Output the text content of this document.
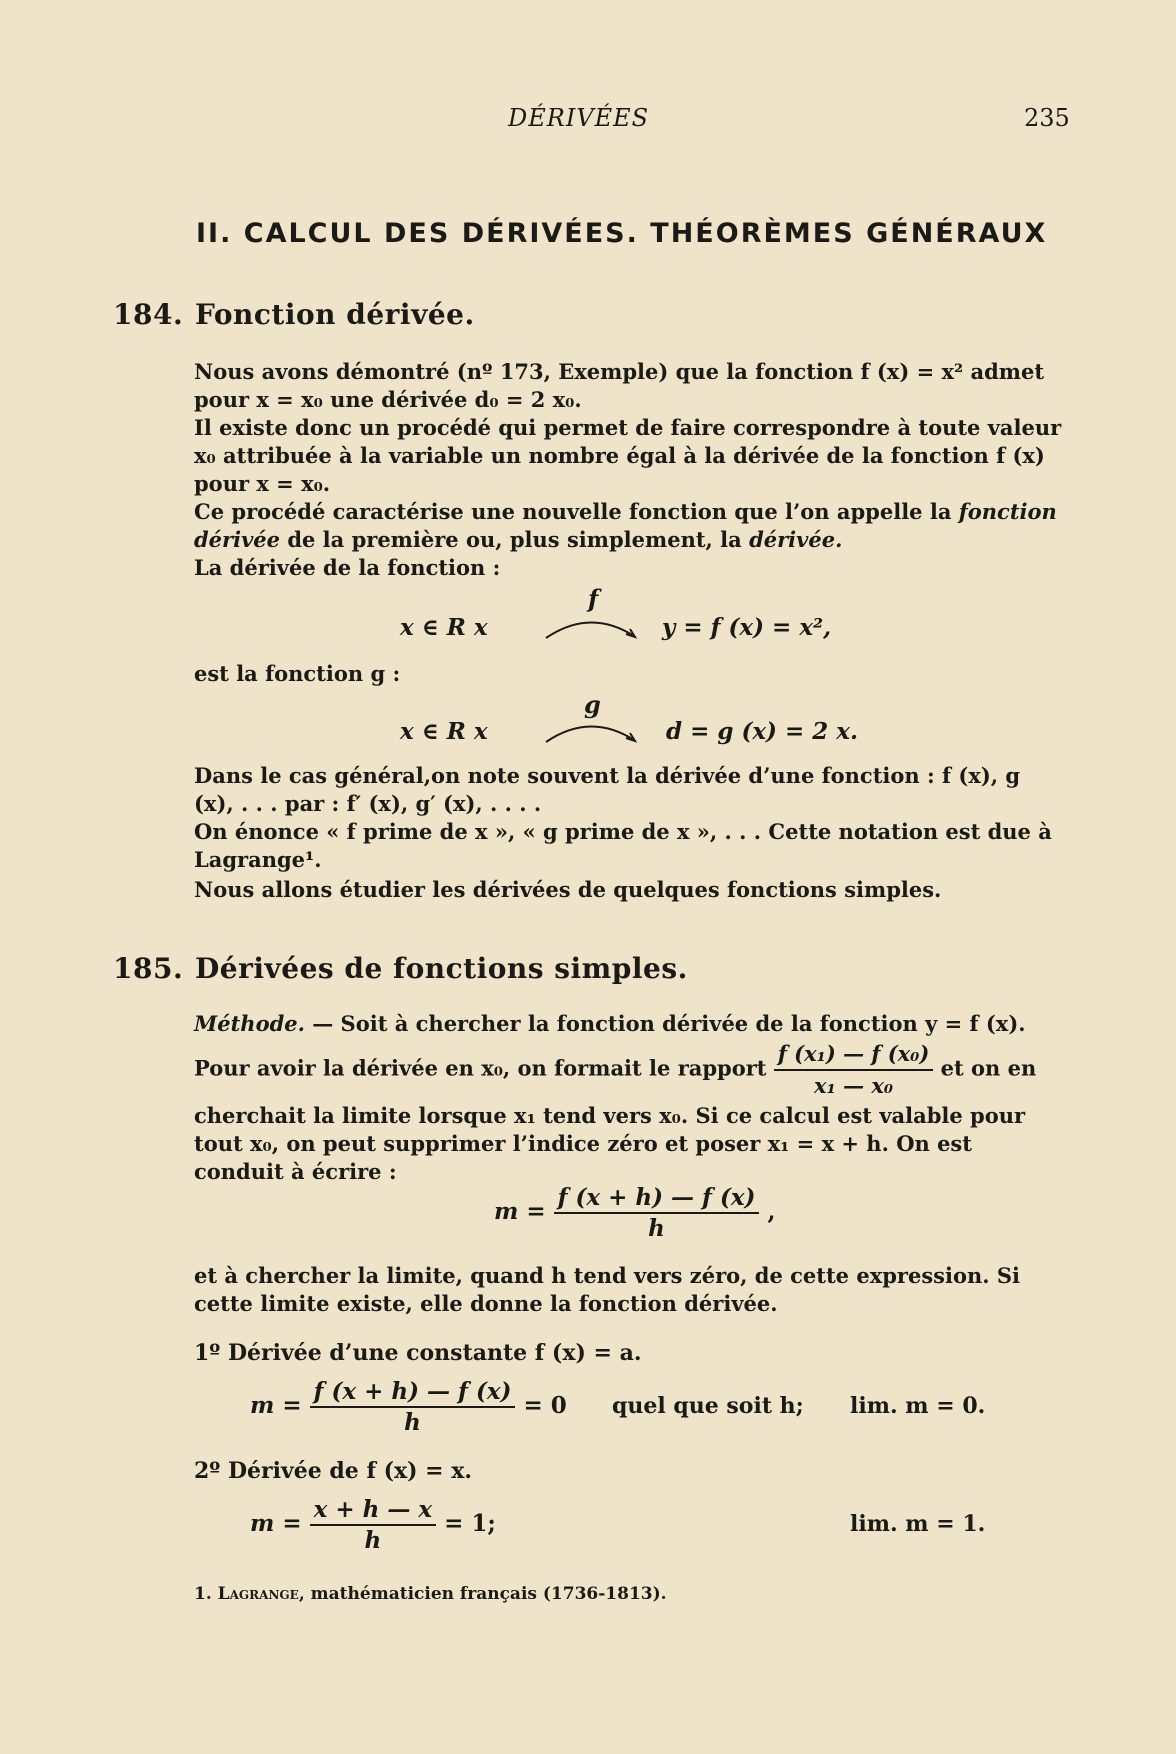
DÉRIVÉES	235
II. CALCUL DES DÉRIVÉES. THÉORÈMES GÉNÉRAUX
184. Fonction dérivée.
Nous avons démontré (nº 173, Exemple) que la fonction f (x) = x² admet pour x = x₀ une dérivée d₀ = 2 x₀.
Il existe donc un procédé qui permet de faire correspondre à toute valeur x₀ attribuée à la variable un nombre égal à la dérivée de la fonction f (x) pour x = x₀.
Ce procédé caractérise une nouvelle fonction que l’on appelle la fonction dérivée de la première ou, plus simplement, la dérivée.
La dérivée de la fonction :
x ∈ R x
f
y = f (x) = x²,
est la fonction g :
x ∈ R x
g
d = g (x) = 2 x.
Dans le cas général,on note souvent la dérivée d’une fonction : f (x), g (x), . . . par : f′ (x), g′ (x), . . . .
On énonce « f prime de x », « g prime de x », . . . Cette notation est due à Lagrange¹.
Nous allons étudier les dérivées de quelques fonctions simples.
185. Dérivées de fonctions simples.
Méthode. — Soit à chercher la fonction dérivée de la fonction y = f (x).
Pour avoir la dérivée en x₀, on formait le rapport $\frac{\text{f (x₁) — f (x₀)}}{\text{x₁ — x₀}}$ et on en
cherchait la limite lorsque x₁ tend vers x₀. Si ce calcul est valable pour tout x₀, on peut supprimer l’indice zéro et poser x₁ = x + h. On est conduit à écrire :
$m = \frac{f (x + h) — f (x)}{h}$ ,
et à chercher la limite, quand h tend vers zéro, de cette expression. Si cette limite existe, elle donne la fonction dérivée.
1º Dérivée d’une constante f (x) = a.
$m = \frac{f (x + h) — f (x)}{h} = 0$ quel que soit h; lim. m = 0.
2º Dérivée de f (x) = x.
$m = \frac{x + h — x}{h} = 1$;	lim. m = 1.
1. Lagrange, mathématicien français (1736-1813).
